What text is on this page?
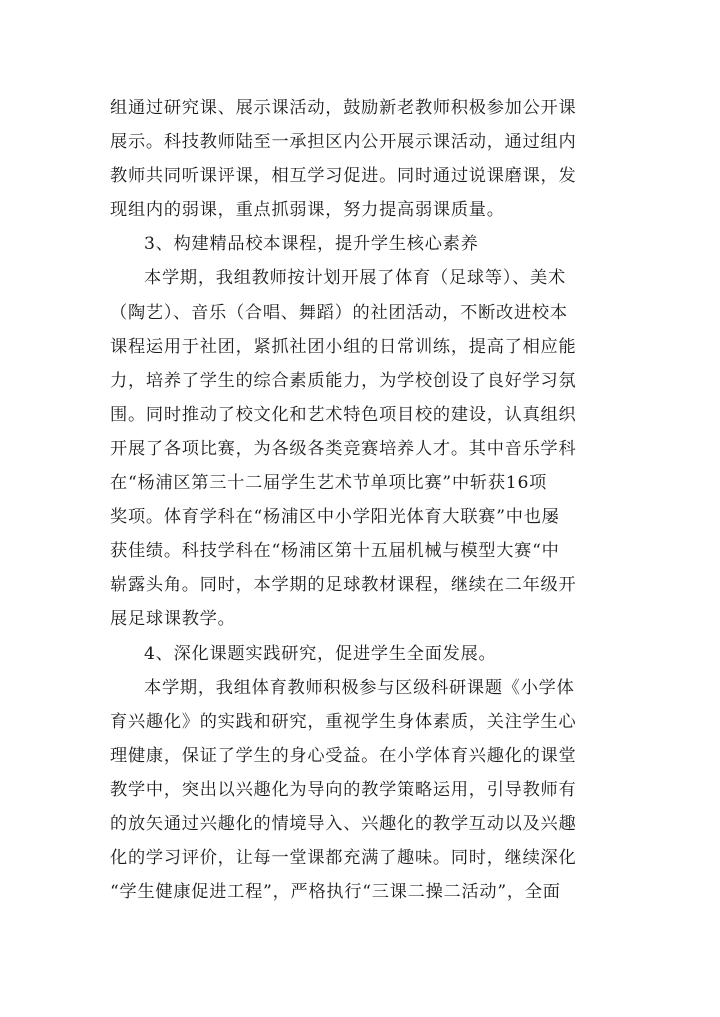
组通过研究课、展示课活动，鼓励新老教师积极参加公开课
展示。科技教师陆至一承担区内公开展示课活动，通过组内
教师共同听课评课，相互学习促进。同时通过说课磨课，发
现组内的弱课，重点抓弱课，努力提高弱课质量。
3、构建精品校本课程，提升学生核心素养
本学期，我组教师按计划开展了体育（足球等）、美术
（陶艺）、音乐（合唱、舞蹈）的社团活动，不断改进校本
课程运用于社团，紧抓社团小组的日常训练，提高了相应能
力，培养了学生的综合素质能力，为学校创设了良好学习氛
围。同时推动了校文化和艺术特色项目校的建设，认真组织
开展了各项比赛，为各级各类竞赛培养人才。其中音乐学科
在“杨浦区第三十二届学生艺术节单项比赛”中斩获16项
奖项。体育学科在“杨浦区中小学阳光体育大联赛”中也屡
获佳绩。科技学科在“杨浦区第十五届机械与模型大赛“中
崭露头角。同时，本学期的足球教材课程，继续在二年级开
展足球课教学。
4、深化课题实践研究，促进学生全面发展。
本学期，我组体育教师积极参与区级科研课题《小学体
育兴趣化》的实践和研究，重视学生身体素质，关注学生心
理健康，保证了学生的身心受益。在小学体育兴趣化的课堂
教学中，突出以兴趣化为导向的教学策略运用，引导教师有
的放矢通过兴趣化的情境导入、兴趣化的教学互动以及兴趣
化的学习评价，让每一堂课都充满了趣味。同时，继续深化
“学生健康促进工程”，严格执行“三课二操二活动”，全面
